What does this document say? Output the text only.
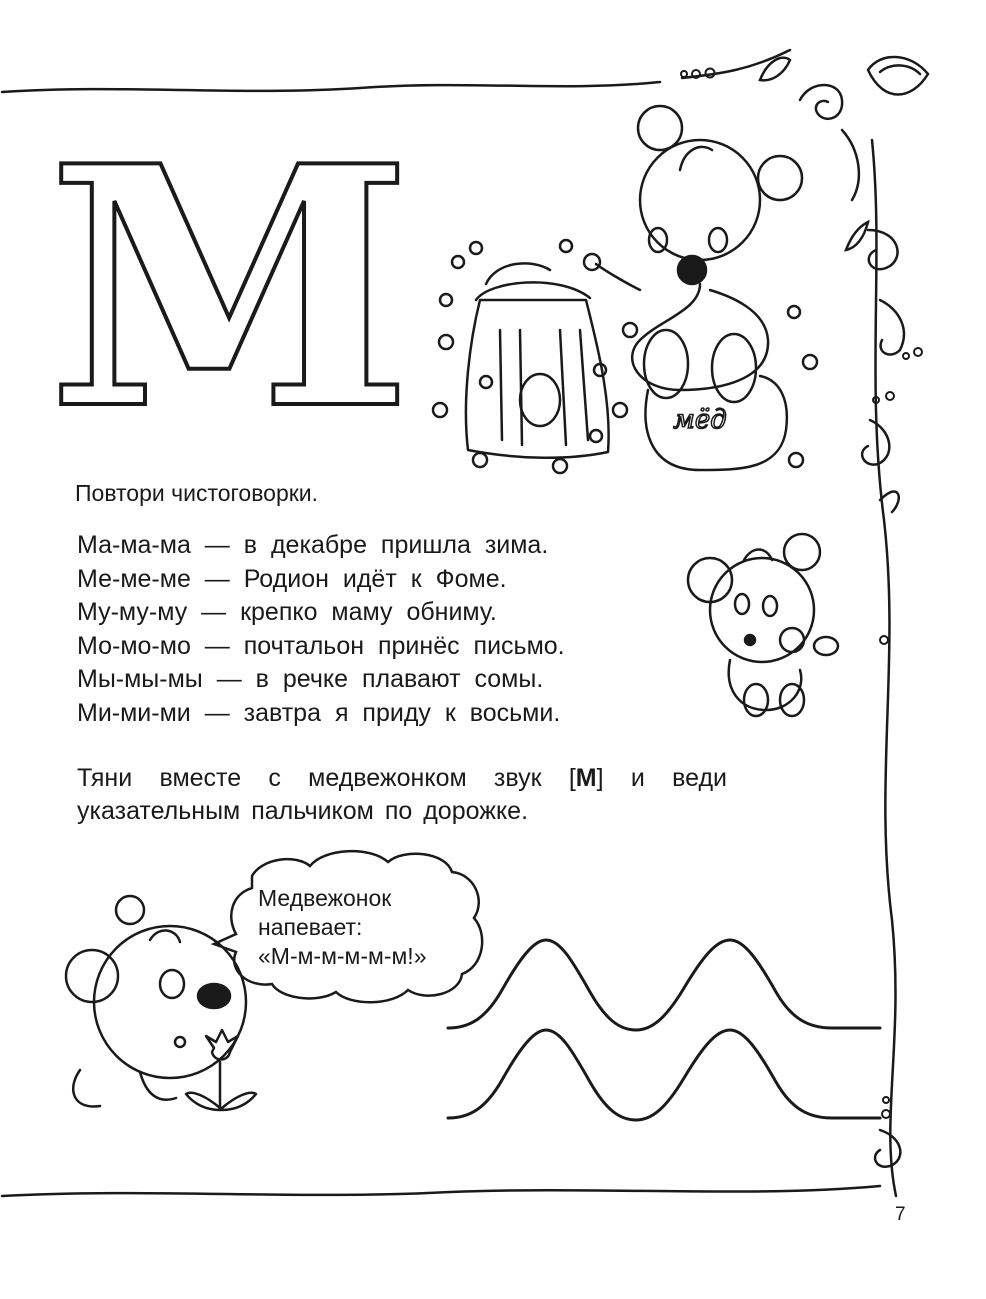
М	мёд

Повтори чистоговорки.

Ма-ма-ма — в декабре пришла зима.
Ме-ме-ме — Родион идёт к Фоме.
Му-му-му — крепко маму обниму.
Мо-мо-мо — почтальон принёс письмо.
Мы-мы-мы — в речке плавают сомы.
Ми-ми-ми — завтра я приду к восьми.

Тяни вместе с медвежонком звук [М] и веди указательным пальчиком по дорожке.

Медвежонок
напевает:
«М-м-м-м-м-м!»
7
